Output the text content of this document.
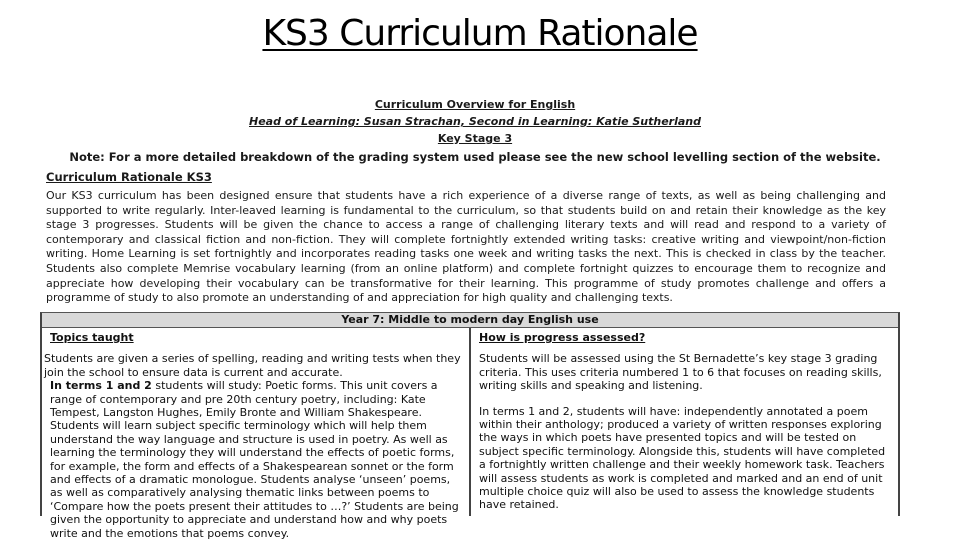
KS3 Curriculum Rationale
Curriculum Overview for English
Head of Learning: Susan Strachan, Second in Learning: Katie Sutherland
Key Stage 3
Note: For a more detailed breakdown of the grading system used please see the new school levelling section of the website.
Curriculum Rationale KS3
Our KS3 curriculum has been designed ensure that students have a rich experience of a diverse range of texts, as well as being challenging and supported to write regularly. Inter-leaved learning is fundamental to the curriculum, so that students build on and retain their knowledge as the key stage 3 progresses. Students will be given the chance to access a range of challenging literary texts and will read and respond to a variety of contemporary and classical fiction and non-fiction. They will complete fortnightly extended writing tasks: creative writing and viewpoint/non-fiction writing. Home Learning is set fortnightly and incorporates reading tasks one week and writing tasks the next. This is checked in class by the teacher. Students also complete Memrise vocabulary learning (from an online platform) and complete fortnight quizzes to encourage them to recognize and appreciate how developing their vocabulary can be transformative for their learning. This programme of study promotes challenge and offers a programme of study to also promote an understanding of and appreciation for high quality and challenging texts.
Year 7: Middle to modern day English use
Topics taught

Students are given a series of spelling, reading and writing tests when they join the school to ensure data is current and accurate.

In terms 1 and 2 students will study: Poetic forms. This unit covers a range of contemporary and pre 20th century poetry, including: Kate Tempest, Langston Hughes, Emily Bronte and William Shakespeare. Students will learn subject specific terminology which will help them understand the way language and structure is used in poetry. As well as learning the terminology they will understand the effects of poetic forms, for example, the form and effects of a Shakespearean sonnet or the form and effects of a dramatic monologue. Students analyse ‘unseen’ poems, as well as comparatively analysing thematic links between poems to ‘Compare how the poets present their attitudes to …?’ Students are being given the opportunity to appreciate and understand how and why poets write and the emotions that poems convey.

How is progress assessed?

Students will be assessed using the St Bernadette’s key stage 3 grading criteria. This uses criteria numbered 1 to 6 that focuses on reading skills, writing skills and speaking and listening.

In terms 1 and 2, students will have: independently annotated a poem within their anthology; produced a variety of written responses exploring the ways in which poets have presented topics and will be tested on subject specific terminology. Alongside this, students will have completed a fortnightly written challenge and their weekly homework task. Teachers will assess students as work is completed and marked and an end of unit multiple choice quiz will also be used to assess the knowledge students have retained.
